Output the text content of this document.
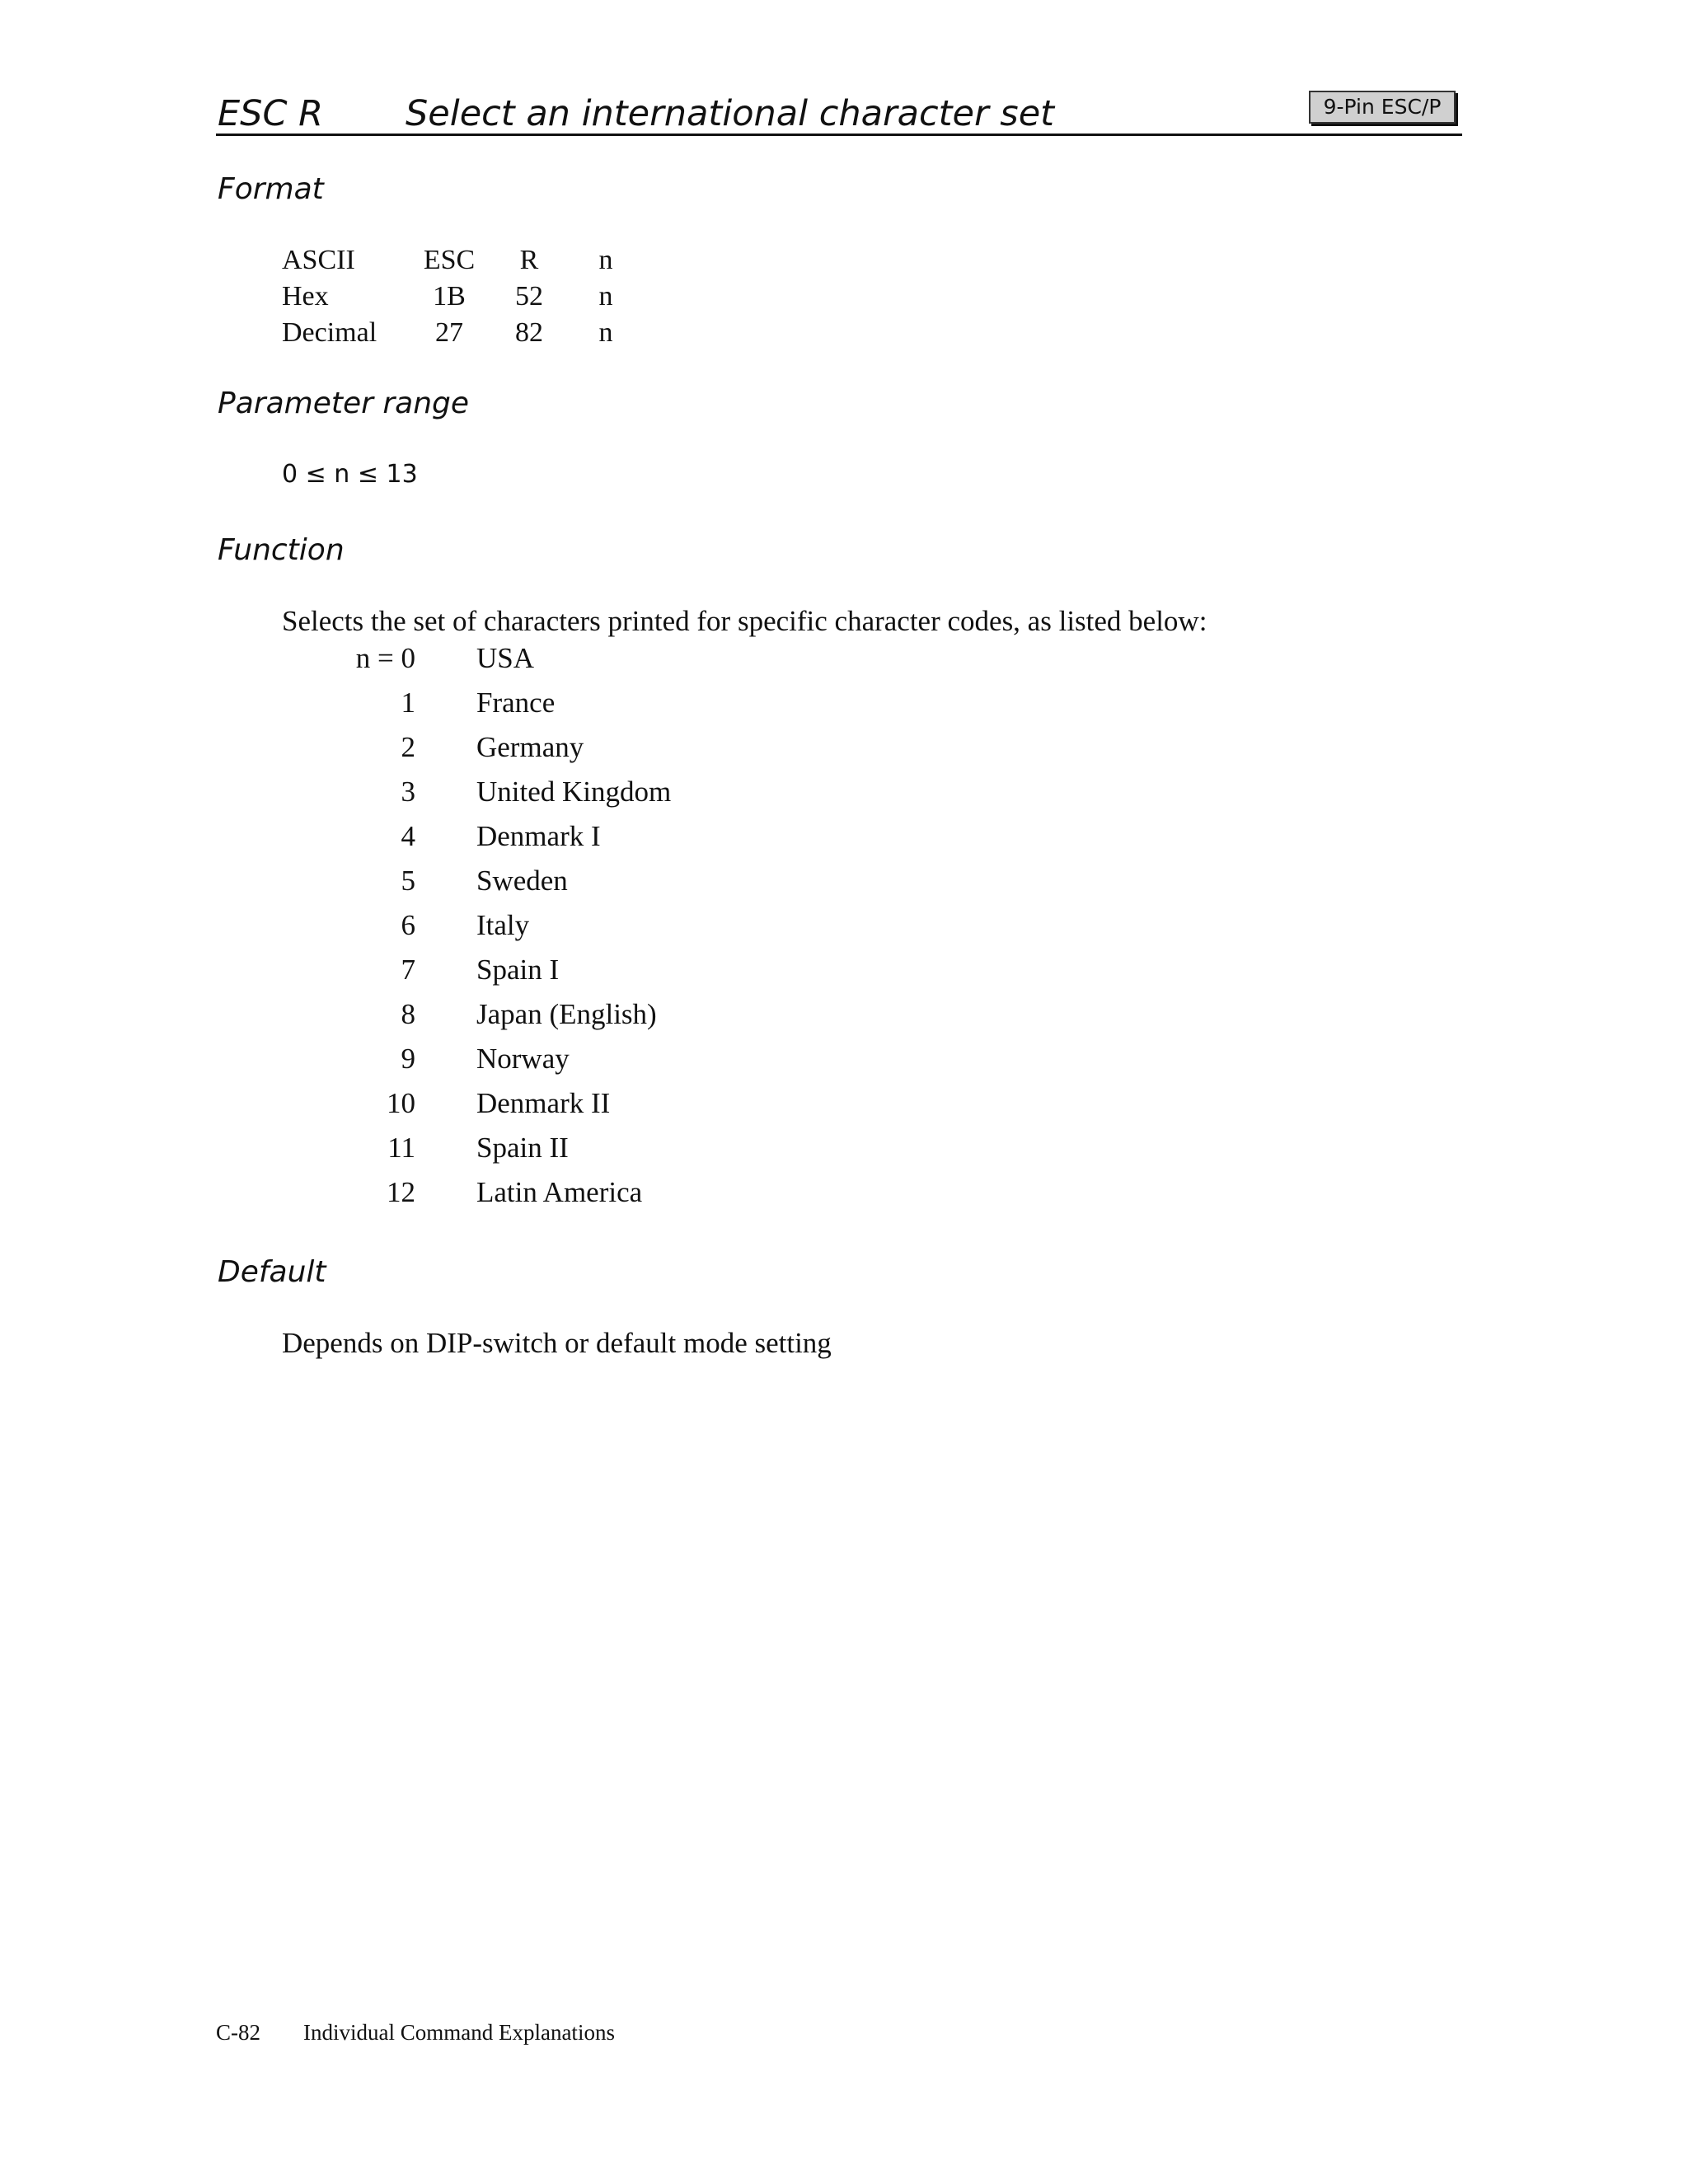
ESC R Select an international character set	9-Pin ESC/P
Format
ASCII ESC	R	n
Hex	1B	52	n
Decimal	27	82	n
Parameter range
0 ≤ n ≤ 13
Function
Selects the set of characters printed for specific character codes, as listed below:
n = 0 USA
1 France
2 Germany
3 United Kingdom
4 Denmark I
5 Sweden
6 Italy
7 Spain I
8 Japan (English)
9 Norway
10 Denmark II
11 Spain II
12 Latin America
Default
Depends on DIP-switch or default mode setting
C-82 Individual Command Explanations
